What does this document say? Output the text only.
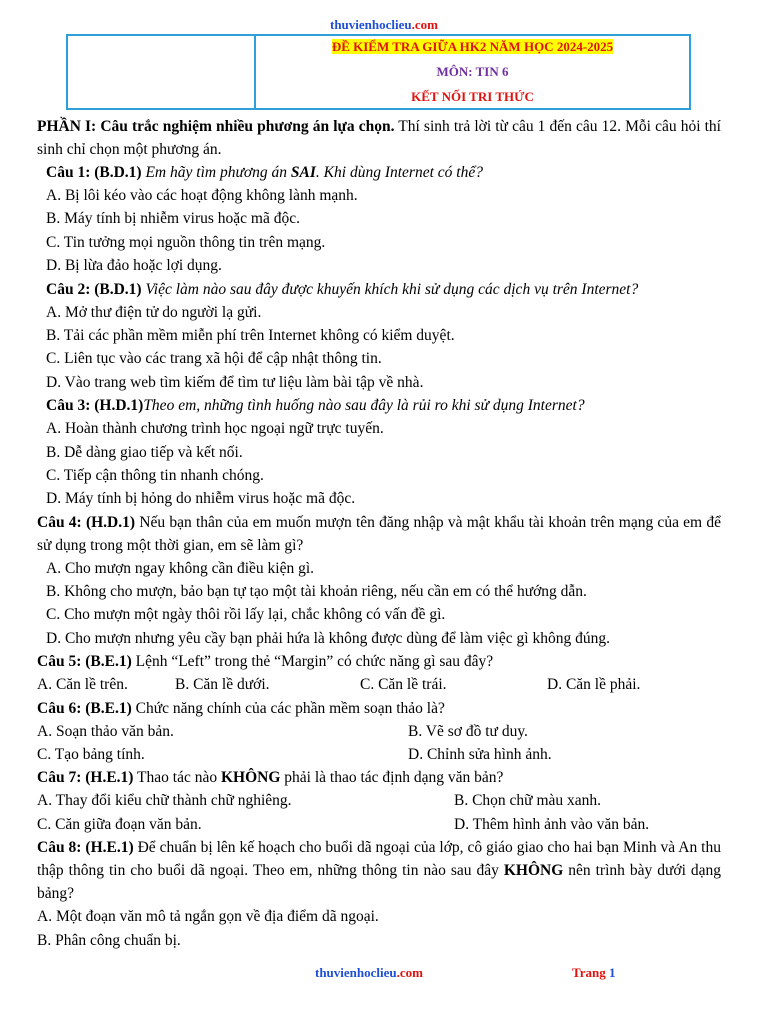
thuvienhoclieu.com
ĐỀ KIỂM TRA GIỮA HK2 NĂM HỌC 2024-2025
MÔN: TIN 6
KẾT NỐI TRI THỨC

PHẦN I: Câu trắc nghiệm nhiều phương án lựa chọn. Thí sinh trả lời từ câu 1 đến câu 12. Mỗi câu hỏi thí sinh chỉ chọn một phương án.

Câu 1: (B.D.1) Em hãy tìm phương án SAI. Khi dùng Internet có thể?

A. Bị lôi kéo vào các hoạt động không lành mạnh.
B. Máy tính bị nhiễm virus hoặc mã độc.
C. Tin tưởng mọi nguồn thông tin trên mạng.
D. Bị lừa đảo hoặc lợi dụng.

Câu 2: (B.D.1) Việc làm nào sau đây được khuyến khích khi sử dụng các dịch vụ trên Internet?

A. Mở thư điện tử do người lạ gửi.
B. Tải các phần mềm miễn phí trên Internet không có kiểm duyệt.
C. Liên tục vào các trang xã hội để cập nhật thông tin.
D. Vào trang web tìm kiếm để tìm tư liệu làm bài tập về nhà.

Câu 3: (H.D.1)Theo em, những tình huống nào sau đây là rủi ro khi sử dụng Internet?

A. Hoàn thành chương trình học ngoại ngữ trực tuyến.
B. Dễ dàng giao tiếp và kết nối.
C. Tiếp cận thông tin nhanh chóng.
D. Máy tính bị hỏng do nhiễm virus hoặc mã độc.

Câu 4: (H.D.1) Nếu bạn thân của em muốn mượn tên đăng nhập và mật khẩu tài khoản trên mạng của em để sử dụng trong một thời gian, em sẽ làm gì?

A. Cho mượn ngay không cần điều kiện gì.
B. Không cho mượn, bảo bạn tự tạo một tài khoản riêng, nếu cần em có thể hướng dẫn.
C. Cho mượn một ngày thôi rồi lấy lại, chắc không có vấn đề gì.
D. Cho mượn nhưng yêu cầy bạn phải hứa là không được dùng để làm việc gì không đúng.

Câu 5: (B.E.1) Lệnh “Left” trong thẻ “Margin” có chức năng gì sau đây?

A. Căn lề trên.	B. Căn lề dưới.	C. Căn lề trái.	D. Căn lề phải.

Câu 6: (B.E.1) Chức năng chính của các phần mềm soạn thảo là?

A. Soạn thảo văn bản.	B. Vẽ sơ đồ tư duy.
C. Tạo bảng tính.	D. Chỉnh sửa hình ảnh.

Câu 7: (H.E.1) Thao tác nào KHÔNG phải là thao tác định dạng văn bản?

A. Thay đổi kiểu chữ thành chữ nghiêng.	B. Chọn chữ màu xanh.
C. Căn giữa đoạn văn bản.	D. Thêm hình ảnh vào văn bản.

Câu 8: (H.E.1) Để chuẩn bị lên kế hoạch cho buổi dã ngoại của lớp, cô giáo giao cho hai bạn Minh và An thu thập thông tin cho buổi dã ngoại. Theo em, những thông tin nào sau đây KHÔNG nên trình bày dưới dạng bảng?

A. Một đoạn văn mô tả ngắn gọn về địa điểm dã ngoại.
B. Phân công chuẩn bị.
thuvienhoclieu.com	Trang 1
